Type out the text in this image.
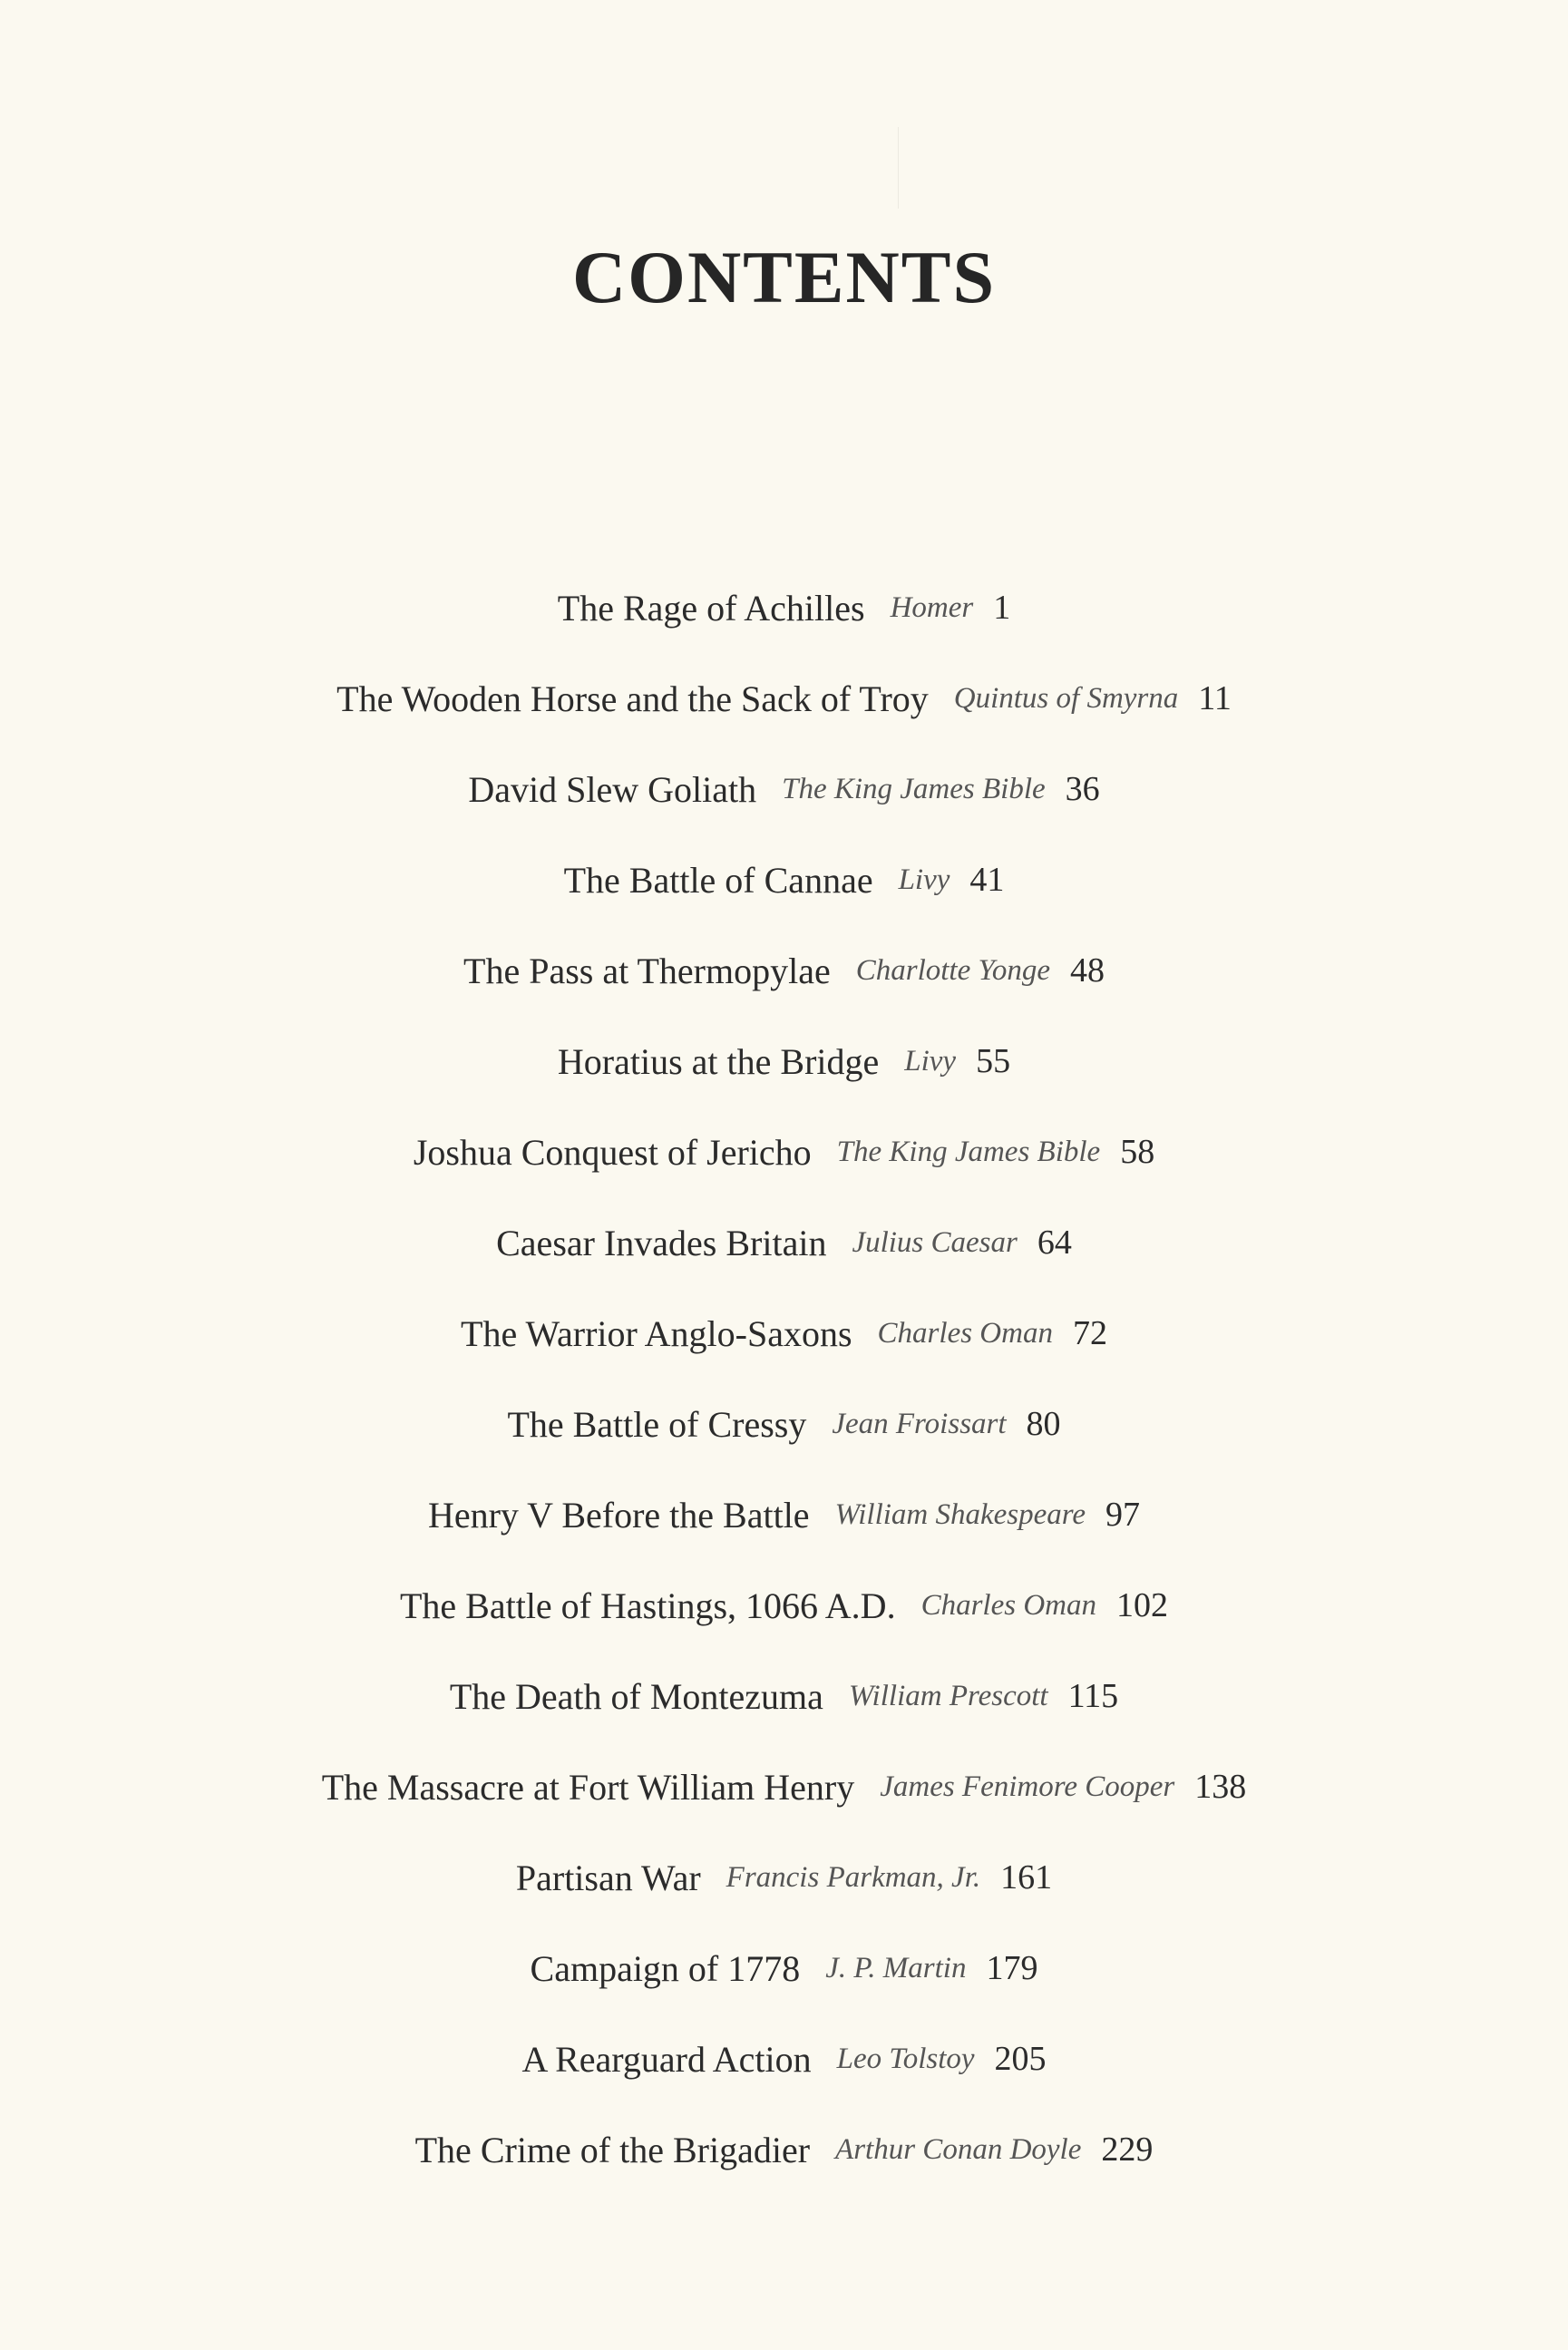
CONTENTS
The Rage of Achilles Homer 1
The Wooden Horse and the Sack of Troy Quintus of Smyrna 11
David Slew Goliath The King James Bible 36
The Battle of Cannae Livy 41
The Pass at Thermopylae Charlotte Yonge 48
Horatius at the Bridge Livy 55
Joshua Conquest of Jericho The King James Bible 58
Caesar Invades Britain Julius Caesar 64
The Warrior Anglo-Saxons Charles Oman 72
The Battle of Cressy Jean Froissart 80
Henry V Before the Battle William Shakespeare 97
The Battle of Hastings, 1066 A.D. Charles Oman 102
The Death of Montezuma William Prescott 115
The Massacre at Fort William Henry James Fenimore Cooper 138
Partisan War Francis Parkman, Jr. 161
Campaign of 1778 J. P. Martin 179
A Rearguard Action Leo Tolstoy 205
The Crime of the Brigadier Arthur Conan Doyle 229
